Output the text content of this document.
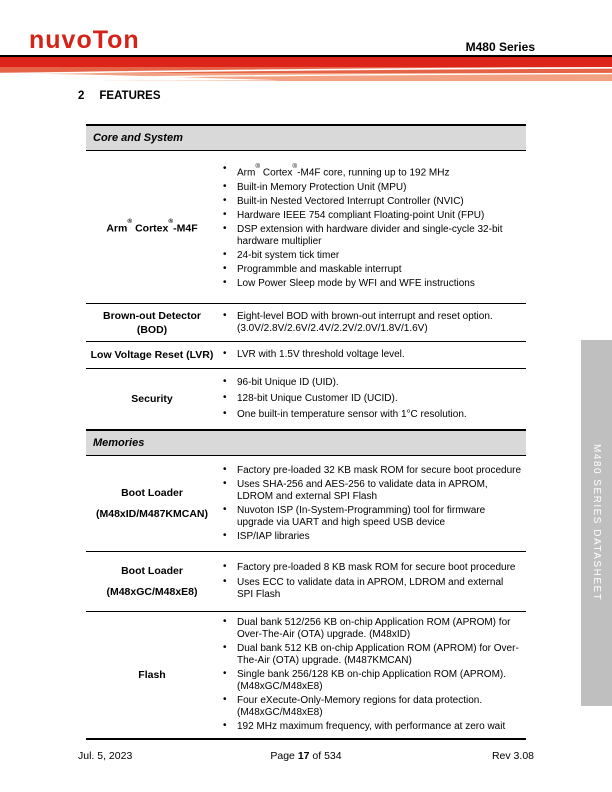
nuvoTon	M480 Series
2 FEATURES
Core and System
Arm® Cortex®-M4F
• Arm® Cortex®-M4F core, running up to 192 MHz
• Built-in Memory Protection Unit (MPU)
• Built-in Nested Vectored Interrupt Controller (NVIC)
• Hardware IEEE 754 compliant Floating-point Unit (FPU)
• DSP extension with hardware divider and single-cycle 32-bit hardware multiplier
• 24-bit system tick timer
• Programmble and maskable interrupt
• Low Power Sleep mode by WFI and WFE instructions
Brown-out Detector
(BOD)
• Eight-level BOD with brown-out interrupt and reset option. (3.0V/2.8V/2.6V/2.4V/2.2V/2.0V/1.8V/1.6V)
Low Voltage Reset (LVR)	• LVR with 1.5V threshold voltage level.
Security
• 96-bit Unique ID (UID).
• 128-bit Unique Customer ID (UCID).
• One built-in temperature sensor with 1°C resolution.
Memories
Boot Loader
(M48xID/M487KMCAN)
• Factory pre-loaded 32 KB mask ROM for secure boot procedure
• Uses SHA-256 and AES-256 to validate data in APROM, LDROM and external SPI Flash
• Nuvoton ISP (In-System-Programming) tool for firmware upgrade via UART and high speed USB device
• ISP/IAP libraries
Boot Loader
(M48xGC/M48xE8)
• Factory pre-loaded 8 KB mask ROM for secure boot procedure
• Uses ECC to validate data in APROM, LDROM and external SPI Flash
Flash
• Dual bank 512/256 KB on-chip Application ROM (APROM) for Over-The-Air (OTA) upgrade. (M48xID)
• Dual bank 512 KB on-chip Application ROM (APROM) for Over-The-Air (OTA) upgrade. (M487KMCAN)
• Single bank 256/128 KB on-chip Application ROM (APROM). (M48xGC/M48xE8)
• Four eXecute-Only-Memory regions for data protection. (M48xGC/M48xE8)
• 192 MHz maximum frequency, with performance at zero wait
M480 SERIES DATASHEET
Jul. 5, 2023	Page 17 of 534	Rev 3.08
